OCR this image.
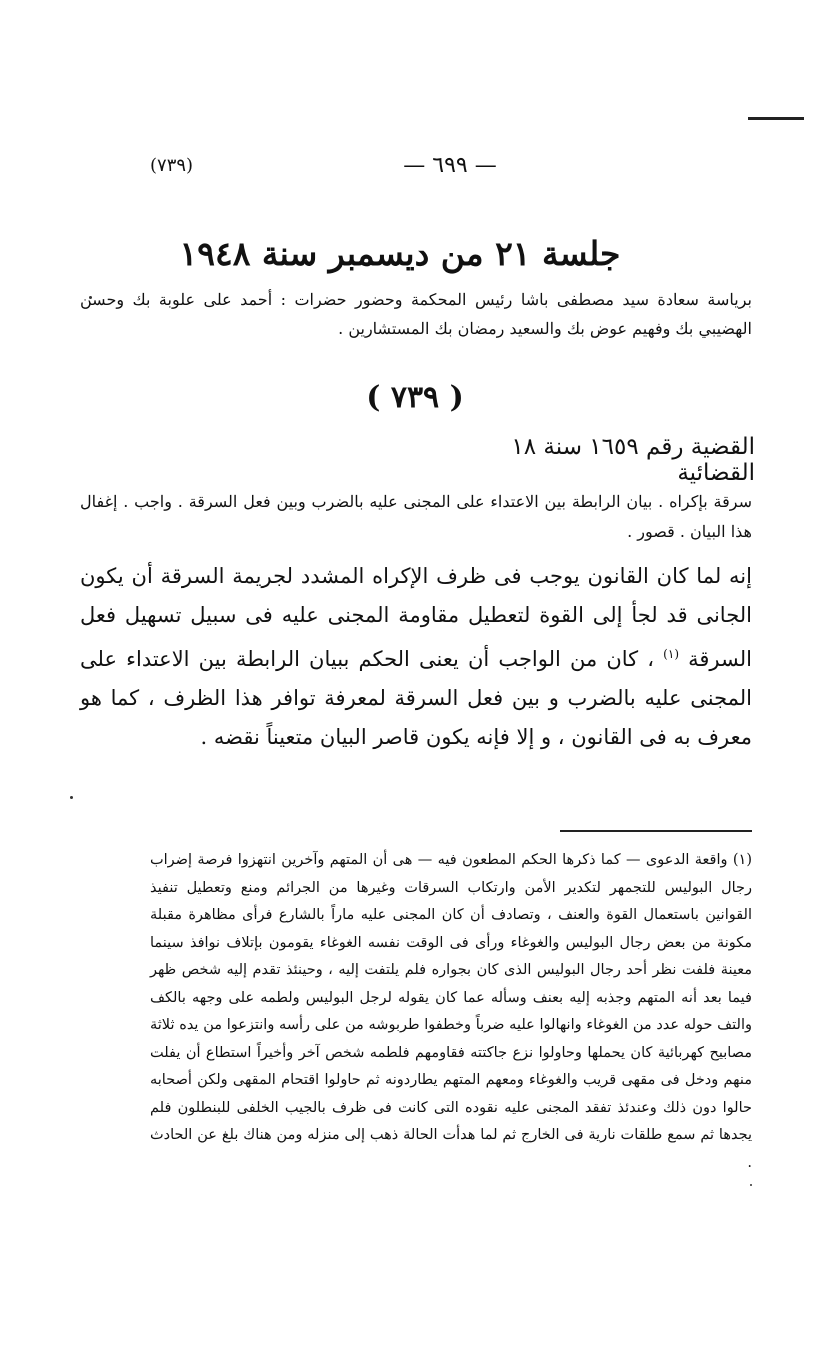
— ٦٩٩ —
(٧٣٩)
جلسة ٢١ من ديسمبر سنة ١٩٤٨
برياسة سعادة سيد مصطفى باشا رئيس المحكمة وحضور حضرات : أحمد على علوبة بك وحسن الهضيبي بك وفهيم عوض بك والسعيد رمضان بك المستشارين .
( ٧٣٩ )
القضية رقم ١٦٥٩ سنة ١٨ القضائية
سرقة بإكراه . بيان الرابطة بين الاعتداء على المجنى عليه بالضرب وبين فعل السرقة . واجب . إغفال هذا البيان . قصور .
إنه لما كان القانون يوجب فى ظرف الإكراه المشدد لجريمة السرقة أن يكون الجانى قد لجأ إلى القوة لتعطيل مقاومة المجنى عليه فى سبيل تسهيل فعل السرقة $^{(١)}$ ، كان من الواجب أن يعنى الحكم ببيان الرابطة بين الاعتداء على المجنى عليه بالضرب و بين فعل السرقة لمعرفة توافر هذا الظرف ، كما هو معرف به فى القانون ، و إلا فإنه يكون قاصر البيان متعيناً نقضه .
(١) واقعة الدعوى — كما ذكرها الحكم المطعون فيه — هى أن المتهم وآخرين انتهزوا فرصة إضراب رجال البوليس للتجمهر لتكدير الأمن وارتكاب السرقات وغيرها من الجرائم ومنع وتعطيل تنفيذ القوانين باستعمال القوة والعنف ، وتصادف أن كان المجنى عليه ماراً بالشارع فرأى مظاهرة مقبلة مكونة من بعض رجال البوليس والغوغاء ورأى فى الوقت نفسه الغوغاء يقومون بإتلاف نوافذ سينما معينة فلفت نظر أحد رجال البوليس الذى كان بجواره فلم يلتفت إليه ، وحينئذ تقدم إليه شخص ظهر فيما بعد أنه المتهم وجذبه إليه بعنف وسأله عما كان يقوله لرجل البوليس ولطمه على وجهه بالكف والتف حوله عدد من الغوغاء وانهالوا عليه ضرباً وخطفوا طربوشه من على رأسه وانتزعوا من يده ثلاثة مصابيح كهربائية كان يحملها وحاولوا نزع جاكتته فقاومهم فلطمه شخص آخر وأخيراً استطاع أن يفلت منهم ودخل فى مقهى قريب والغوغاء ومعهم المتهم يطاردونه ثم حاولوا اقتحام المقهى ولكن أصحابه حالوا دون ذلك وعندئذ تفقد المجنى عليه نقوده التى كانت فى ظرف بالجيب الخلفى للبنطلون فلم يجدها ثم سمع طلقات نارية فى الخارج ثم لما هدأت الحالة ذهب إلى منزله ومن هناك بلغ عن الحادث .
